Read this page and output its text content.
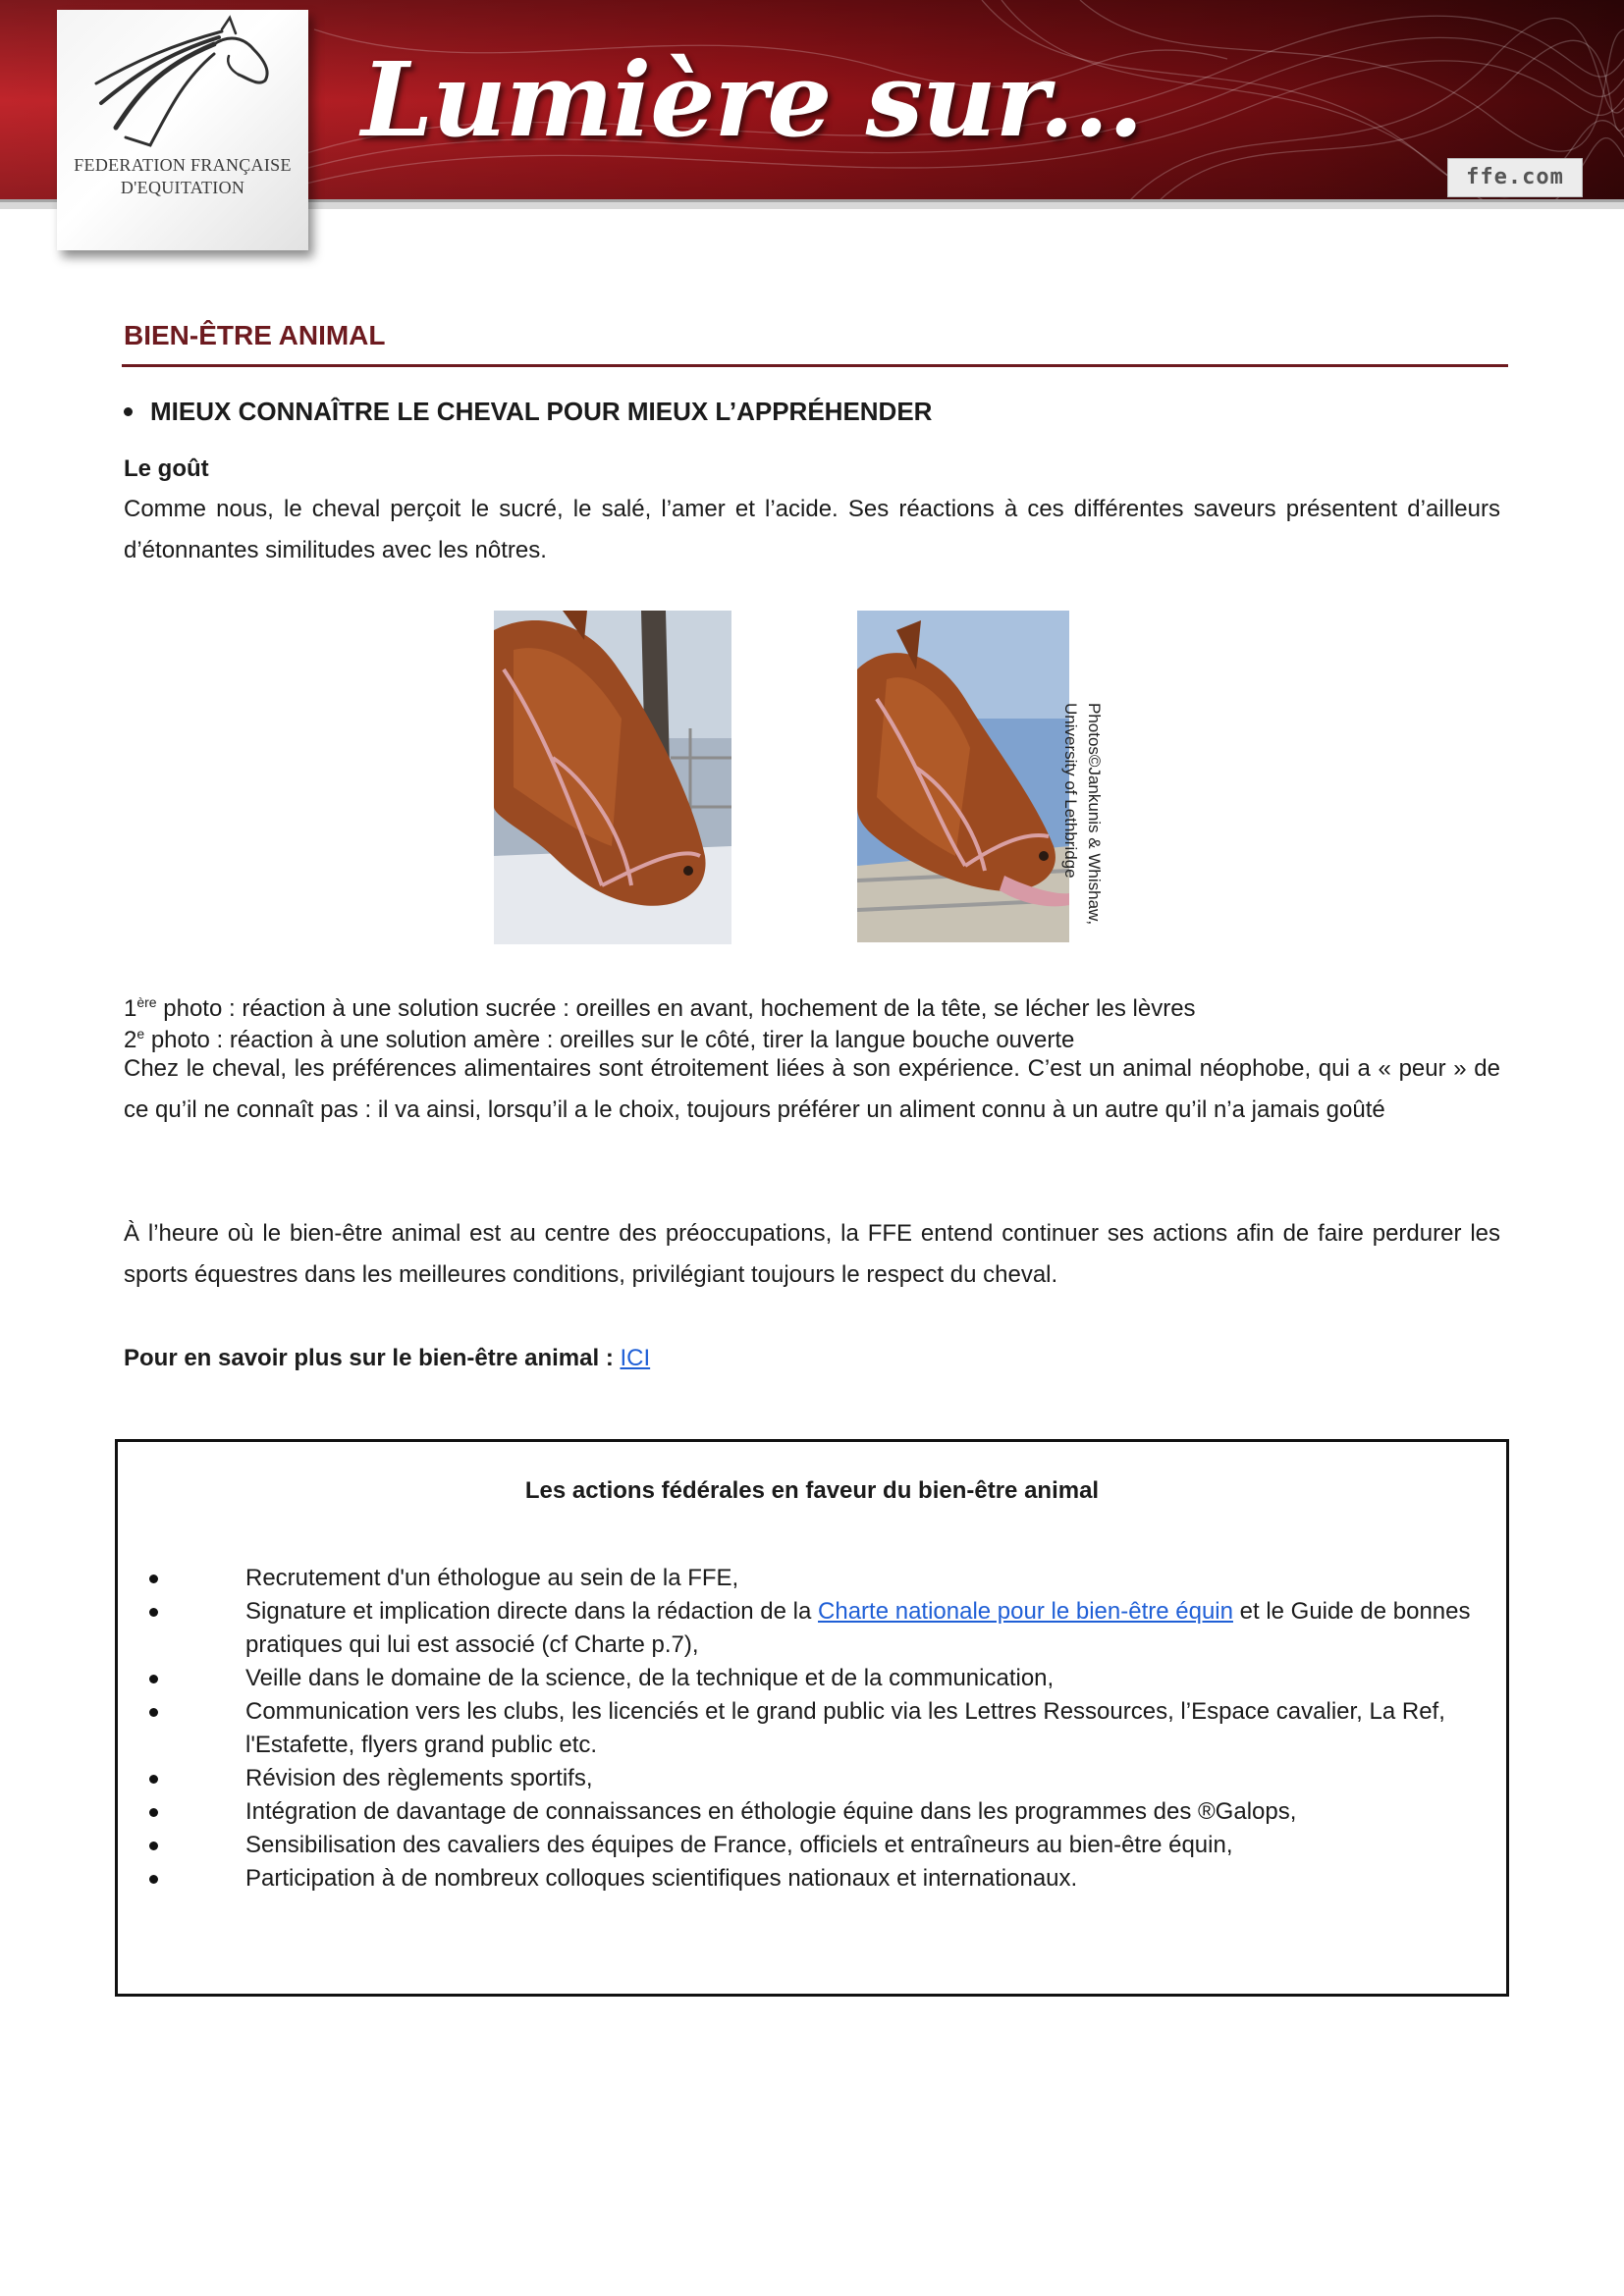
FEDERATION FRANÇAISE
D'EQUITATION
Lumière sur...
ffe.com
BIEN-ÊTRE ANIMAL
MIEUX CONNAÎTRE LE CHEVAL POUR MIEUX L’APPRÉHENDER

Le goût

Comme nous, le cheval perçoit le sucré, le salé, l’amer et l’acide. Ses réactions à ces différentes saveurs présentent d’ailleurs d’étonnantes similitudes avec les nôtres.

Photos©Jankunis & Whishaw,
University of Lethbridge

1ère photo : réaction à une solution sucrée : oreilles en avant, hochement de la tête, se lécher les lèvres

2e photo : réaction à une solution amère : oreilles sur le côté, tirer la langue bouche ouverte

Chez le cheval, les préférences alimentaires sont étroitement liées à son expérience. C’est un animal néophobe, qui a « peur » de ce qu’il ne connaît pas : il va ainsi, lorsqu’il a le choix, toujours préférer un aliment connu à un autre qu’il n’a jamais goûté

À l’heure où le bien-être animal est au centre des préoccupations, la FFE entend continuer ses actions afin de faire perdurer les sports équestres dans les meilleures conditions, privilégiant toujours le respect du cheval.

Pour en savoir plus sur le bien-être animal : ICI

Les actions fédérales en faveur du bien-être animal

Recrutement d'un éthologue au sein de la FFE,
Signature et implication directe dans la rédaction de la Charte nationale pour le bien-être équin et le Guide de bonnes pratiques qui lui est associé (cf Charte p.7),
Veille dans le domaine de la science, de la technique et de la communication,
Communication vers les clubs, les licenciés et le grand public via les Lettres Ressources, l’Espace cavalier, La Ref, l'Estafette, flyers grand public etc.
Révision des règlements sportifs,
Intégration de davantage de connaissances en éthologie équine dans les programmes des ®Galops,
Sensibilisation des cavaliers des équipes de France, officiels et entraîneurs au bien-être équin,
Participation à de nombreux colloques scientifiques nationaux et internationaux.
